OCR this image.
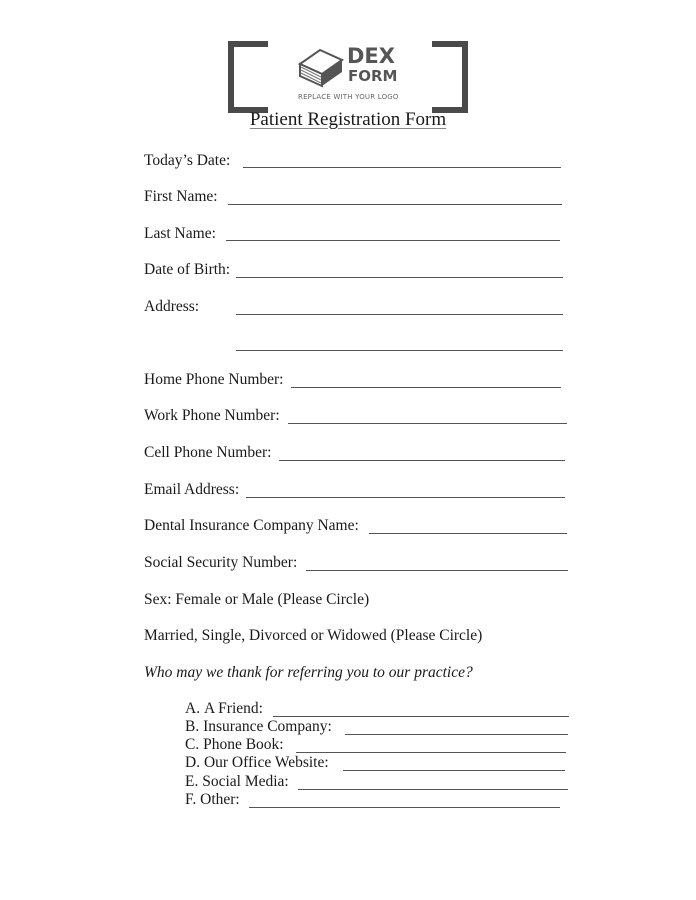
DEX
FORM
REPLACE WITH YOUR LOGO
Patient Registration Form
Today’s Date:
First Name:
Last Name:
Date of Birth:
Address:
Home Phone Number:
Work Phone Number:
Cell Phone Number:
Email Address:
Dental Insurance Company Name:
Social Security Number:
Sex: Female or Male (Please Circle)
Married, Single, Divorced or Widowed (Please Circle)
Who may we thank for referring you to our practice?
A. A Friend:
B. Insurance Company:
C. Phone Book:
D. Our Office Website:
E. Social Media:
F. Other:
